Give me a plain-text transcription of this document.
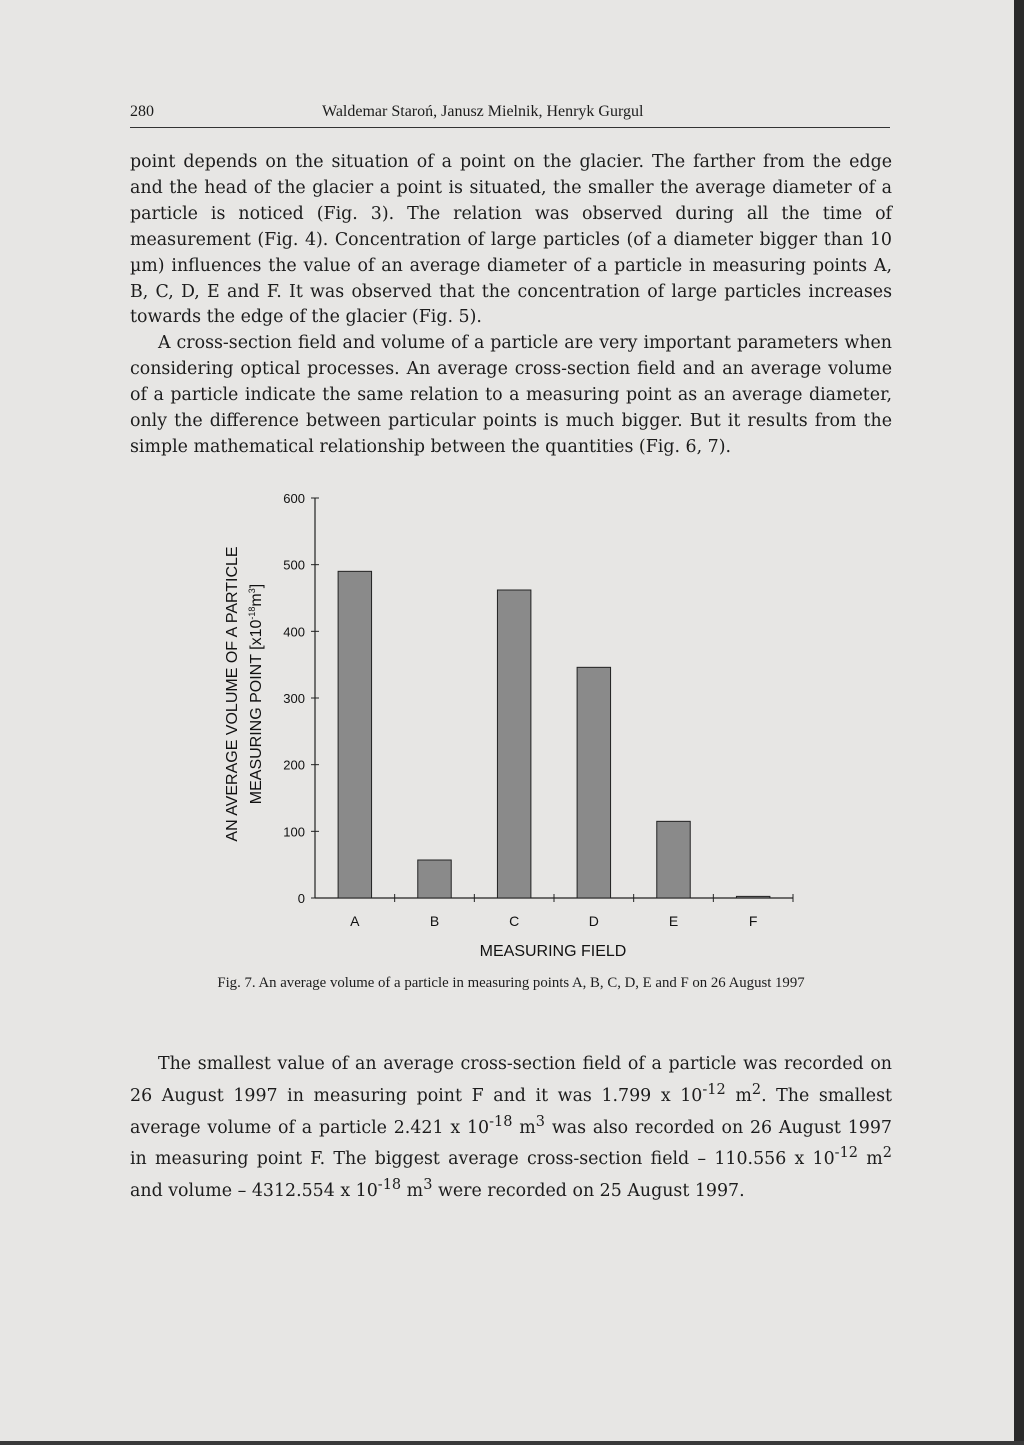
280	Waldemar Staroń, Janusz Mielnik, Henryk Gurgul

point depends on the situation of a point on the glacier. The farther from the edge and the head of the glacier a point is situated, the smaller the average diameter of a particle is noticed (Fig. 3). The relation was observed during all the time of measurement (Fig. 4). Concentration of large particles (of a diameter bigger than 10 µm) influences the value of an average diameter of a particle in measuring points A, B, C, D, E and F. It was observed that the concentration of large particles increases towards the edge of the glacier (Fig. 5).

A cross-section field and volume of a particle are very important parameters when considering optical processes. An average cross-section field and an average volume of a particle indicate the same relation to a measuring point as an average diameter, only the difference between particular points is much bigger. But it results from the simple mathematical relationship between the quantities (Fig. 6, 7).

0
100
200
300
400
500
600
A	B	C	D	E	F
MEASURING FIELD
AN AVERAGE VOLUME OF A PARTICLE MEASURING POINT $[x10^{-18}m^3]$
Fig. 7. An average volume of a particle in measuring points A, B, C, D, E and F on 26 August 1997

The smallest value of an average cross-section field of a particle was recorded on 26 August 1997 in measuring point F and it was 1.799 x $10^{-12}$ $m^2$. The smallest average volume of a particle 2.421 x $10^{-18}$ $m^3$ was also recorded on 26 August 1997 in measuring point F. The biggest average cross-section field – 110.556 x $10^{-12}$ $m^2$ and volume – 4312.554 x $10^{-18}$ $m^3$ were recorded on 25 August 1997.
